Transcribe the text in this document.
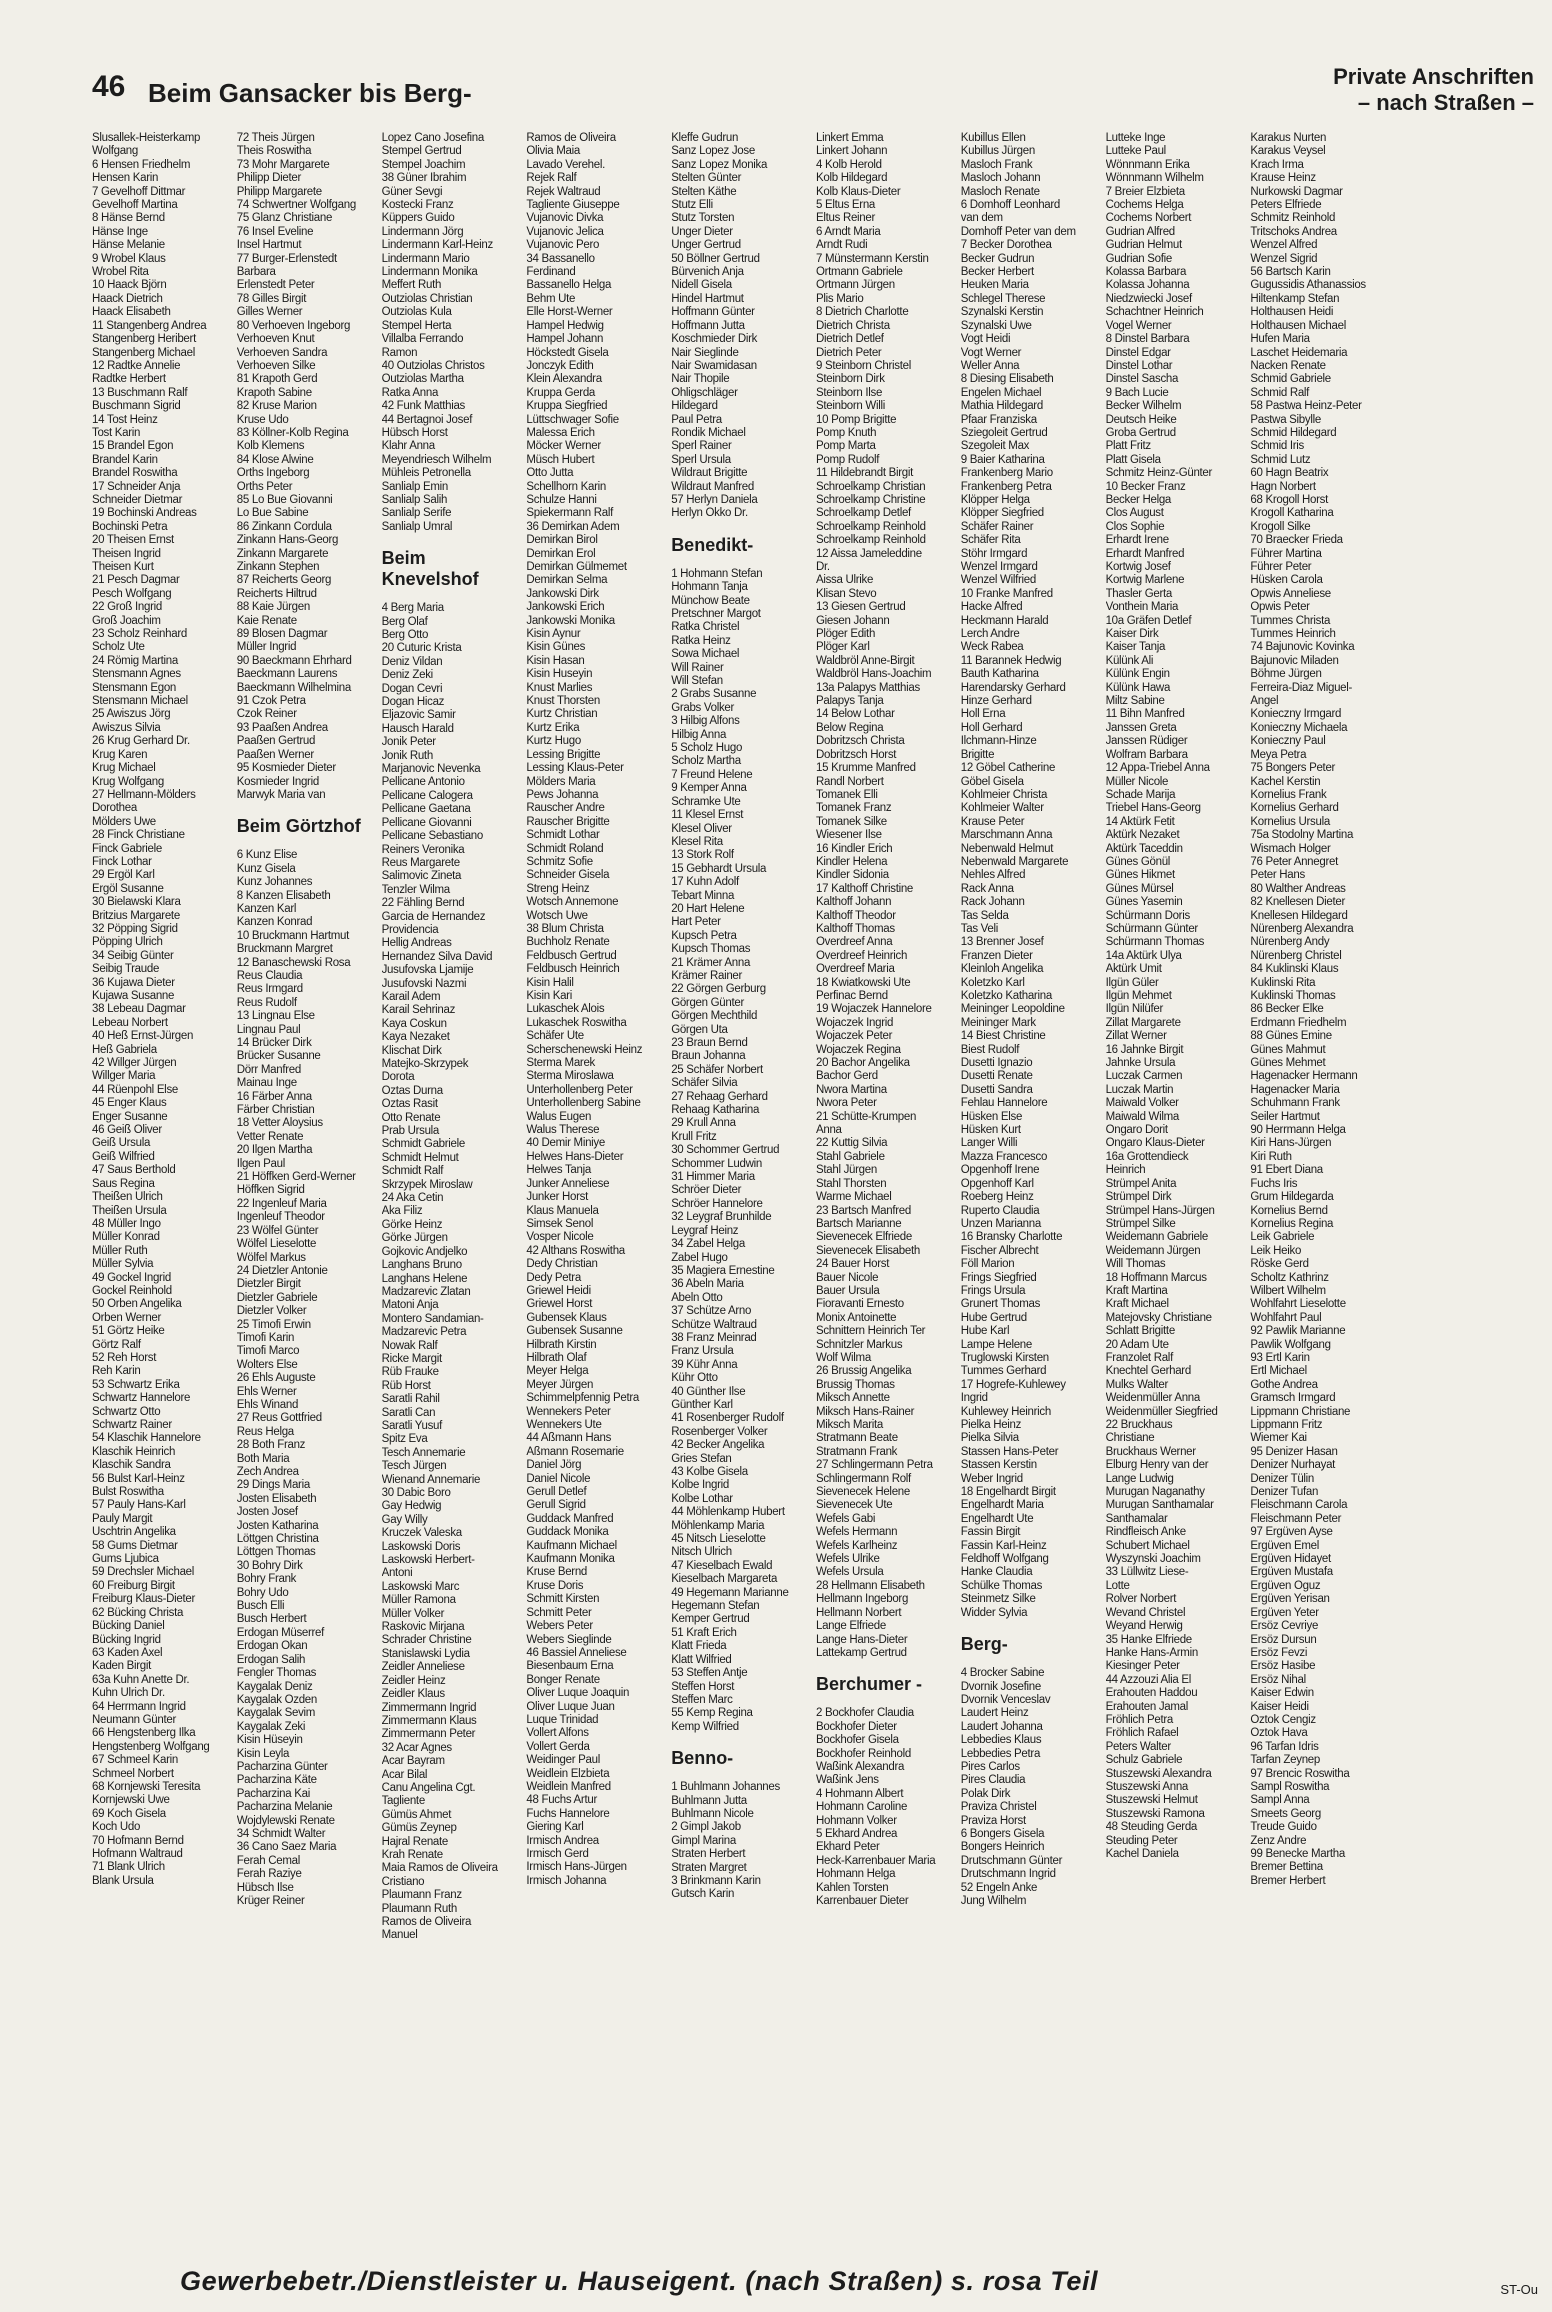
46 Beim Gansacker bis Berg-
Private Anschriften
– nach Straßen –
Slusallek-Heisterkamp
Wolfgang
6 Hensen Friedhelm
Hensen Karin
7 Gevelhoff Dittmar
Gevelhoff Martina
8 Hänse Bernd
Hänse Inge
Hänse Melanie
9 Wrobel Klaus
Wrobel Rita
10 Haack Björn
Haack Dietrich
Haack Elisabeth
11 Stangenberg Andrea
Stangenberg Heribert
Stangenberg Michael
12 Radtke Annelie
Radtke Herbert
13 Buschmann Ralf
Buschmann Sigrid
14 Tost Heinz
Tost Karin
15 Brandel Egon
Brandel Karin
Brandel Roswitha
17 Schneider Anja
Schneider Dietmar
19 Bochinski Andreas
Bochinski Petra
20 Theisen Ernst
Theisen Ingrid
Theisen Kurt
21 Pesch Dagmar
Pesch Wolfgang
22 Groß Ingrid
Groß Joachim
23 Scholz Reinhard
Scholz Ute
24 Römig Martina
Stensmann Agnes
Stensmann Egon
Stensmann Michael
25 Awiszus Jörg
Awiszus Silvia
26 Krug Gerhard Dr.
Krug Karen
Krug Michael
Krug Wolfgang
27 Hellmann-Mölders
Dorothea
Mölders Uwe
28 Finck Christiane
Finck Gabriele
Finck Lothar
29 Ergöl Karl
Ergöl Susanne
30 Bielawski Klara
Britzius Margarete
32 Pöpping Sigrid
Pöpping Ulrich
34 Seibig Günter
Seibig Traude
36 Kujawa Dieter
Kujawa Susanne
38 Lebeau Dagmar
Lebeau Norbert
40 Heß Ernst-Jürgen
Heß Gabriela
42 Willger Jürgen
Willger Maria
44 Rüenpohl Else
45 Enger Klaus
Enger Susanne
46 Geiß Oliver
Geiß Ursula
Geiß Wilfried
47 Saus Berthold
Saus Regina
Theißen Ulrich
Theißen Ursula
48 Müller Ingo
Müller Konrad
Müller Ruth
Müller Sylvia
49 Gockel Ingrid
Gockel Reinhold
50 Orben Angelika
Orben Werner
51 Görtz Heike
Görtz Ralf
52 Reh Horst
Reh Karin
53 Schwartz Erika
Schwartz Hannelore
Schwartz Otto
Schwartz Rainer
54 Klaschik Hannelore
Klaschik Heinrich
Klaschik Sandra
56 Bulst Karl-Heinz
Bulst Roswitha
57 Pauly Hans-Karl
Pauly Margit
Uschtrin Angelika
58 Gums Dietmar
Gums Ljubica
59 Drechsler Michael
60 Freiburg Birgit
Freiburg Klaus-Dieter
62 Bücking Christa
Bücking Daniel
Bücking Ingrid
63 Kaden Axel
Kaden Birgit
63a Kuhn Anette Dr.
Kuhn Ulrich Dr.
64 Herrmann Ingrid
Neumann Günter
66 Hengstenberg Ilka
Hengstenberg Wolfgang
67 Schmeel Karin
Schmeel Norbert
68 Kornjewski Teresita
Kornjewski Uwe
69 Koch Gisela
Koch Udo
70 Hofmann Bernd
Hofmann Waltraud
71 Blank Ulrich
Blank Ursula
72 Theis Jürgen
Theis Roswitha
73 Mohr Margarete
Philipp Dieter
Philipp Margarete
74 Schwertner Wolfgang
75 Glanz Christiane
76 Insel Eveline
Insel Hartmut
77 Burger-Erlenstedt
Barbara
Erlenstedt Peter
78 Gilles Birgit
Gilles Werner
80 Verhoeven Ingeborg
Verhoeven Knut
Verhoeven Sandra
Verhoeven Silke
81 Krapoth Gerd
Krapoth Sabine
82 Kruse Marion
Kruse Udo
83 Köllner-Kolb Regina
Kolb Klemens
84 Klose Alwine
Orths Ingeborg
Orths Peter
85 Lo Bue Giovanni
Lo Bue Sabine
86 Zinkann Cordula
Zinkann Hans-Georg
Zinkann Margarete
Zinkann Stephen
87 Reicherts Georg
Reicherts Hiltrud
88 Kaie Jürgen
Kaie Renate
89 Blosen Dagmar
Müller Ingrid
90 Baeckmann Ehrhard
Baeckmann Laurens
Baeckmann Wilhelmina
91 Czok Petra
Czok Reiner
93 Paaßen Andrea
Paaßen Gertrud
Paaßen Werner
95 Kosmieder Dieter
Kosmieder Ingrid
Marwyk Maria van

Beim Görtzhof

6 Kunz Elise
Kunz Gisela
Kunz Johannes
8 Kanzen Elisabeth
Kanzen Karl
Kanzen Konrad
10 Bruckmann Hartmut
Bruckmann Margret
12 Banaschewski Rosa
Reus Claudia
Reus Irmgard
Reus Rudolf
13 Lingnau Else
Lingnau Paul
14 Brücker Dirk
Brücker Susanne
Dörr Manfred
Mainau Inge
16 Färber Anna
Färber Christian
18 Vetter Aloysius
Vetter Renate
20 Ilgen Martha
Ilgen Paul
21 Höffken Gerd-Werner
Höffken Sigrid
22 Ingenleuf Maria
Ingenleuf Theodor
23 Wölfel Günter
Wölfel Lieselotte
Wölfel Markus
24 Dietzler Antonie
Dietzler Birgit
Dietzler Gabriele
Dietzler Volker
25 Timofi Erwin
Timofi Karin
Timofi Marco
Wolters Else
26 Ehls Auguste
Ehls Werner
Ehls Winand
27 Reus Gottfried
Reus Helga
28 Both Franz
Both Maria
Zech Andrea
29 Dings Maria
Josten Elisabeth
Josten Josef
Josten Katharina
Löttgen Christina
Löttgen Thomas
30 Bohry Dirk
Bohry Frank
Bohry Udo
Busch Elli
Busch Herbert
Erdogan Müserref
Erdogan Okan
Erdogan Salih
Fengler Thomas
Kaygalak Deniz
Kaygalak Özden
Kaygalak Sevim
Kaygalak Zeki
Kisin Hüseyin
Kisin Leyla
Pacharzina Günter
Pacharzina Käte
Pacharzina Kai
Pacharzina Melanie
Wojdylewski Renate
34 Schmidt Walter
36 Cano Saez Maria
Ferah Cemal
Ferah Raziye
Hübsch Ilse
Krüger Reiner
Lopez Cano Josefina
Stempel Gertrud
Stempel Joachim
38 Güner Ibrahim
Güner Sevgi
Kostecki Franz
Küppers Guido
Lindermann Jörg
Lindermann Karl-Heinz
Lindermann Mario
Lindermann Monika
Meffert Ruth
Outziolas Christian
Outziolas Kula
Stempel Herta
Villalba Ferrando
Ramon
40 Outziolas Christos
Outziolas Martha
Ratka Anna
42 Funk Matthias
44 Bertagnoi Josef
Hübsch Horst
Klahr Anna
Meyendriesch Wilhelm
Mühleis Petronella
Sanlialp Emin
Sanlialp Salih
Sanlialp Serife
Sanlialp Ümral

Beim Knevelshof

4 Berg Maria
Berg Olaf
Berg Otto
20 Cuturic Krista
Deniz Vildan
Deniz Zeki
Dogan Cevri
Dogan Hicaz
Eljazovic Samir
Hausch Harald
Jonik Peter
Jonik Ruth
Marjanovic Nevenka
Pellicane Antonio
Pellicane Calogera
Pellicane Gaetana
Pellicane Giovanni
Pellicane Sebastiano
Reiners Veronika
Reus Margarete
Salimovic Zineta
Tenzler Wilma
22 Fähling Bernd
Garcia de Hernandez
Providencia
Hellig Andreas
Hernandez Silva David
Jusufovska Ljamije
Jusufovski Nazmi
Karail Adem
Karail Sehrinaz
Kaya Coskun
Kaya Nezaket
Klischat Dirk
Matejko-Skrzypek
Dorota
Öztas Durna
Öztas Rasit
Otto Renate
Prab Ursula
Schmidt Gabriele
Schmidt Helmut
Schmidt Ralf
Skrzypek Miroslaw
24 Aka Cetin
Aka Filiz
Görke Heinz
Görke Jürgen
Gojkovic Andjelko
Langhans Bruno
Langhans Helene
Madzarevic Zlatan
Matoni Anja
Montero Sandamian-
Madzarevic Petra
Nowak Ralf
Ricke Margit
Rüb Frauke
Rüb Horst
Saratli Rahil
Saratli Can
Saratli Yusuf
Spitz Eva
Tesch Annemarie
Tesch Jürgen
Wienand Annemarie
30 Dabic Boro
Gay Hedwig
Gay Willy
Kruczek Valeska
Laskowski Doris
Laskowski Herbert-
Antoni
Laskowski Marc
Müller Ramona
Müller Volker
Raskovic Mirjana
Schrader Christine
Stanislawski Lydia
Zeidler Anneliese
Zeidler Heinz
Zeidler Klaus
Zimmermann Ingrid
Zimmermann Klaus
Zimmermann Peter
32 Acar Agnes
Acar Bayram
Acar Bilal
Canu Angelina Cgt.
Tagliente
Gümüs Ahmet
Gümüs Zeynep
Hajral Renate
Krah Renate
Maia Ramos de Oliveira
Cristiano
Plaumann Franz
Plaumann Ruth
Ramos de Oliveira
Manuel
Ramos de Oliveira
Olivia Maia
Lavado Verehel.
Rejek Ralf
Rejek Waltraud
Tagliente Giuseppe
Vujanovic Divka
Vujanovic Jelica
Vujanovic Pero
34 Bassanello
Ferdinand
Bassanello Helga
Behm Ute
Elle Horst-Werner
Hampel Hedwig
Hampel Johann
Höckstedt Gisela
Jonczyk Edith
Klein Alexandra
Kruppa Gerda
Kruppa Siegfried
Lüttschwager Sofie
Malessa Erich
Möcker Werner
Müsch Hubert
Otto Jutta
Schellhorn Karin
Schulze Hanni
Spiekermann Ralf
36 Demirkan Adem
Demirkan Birol
Demirkan Erol
Demirkan Gülmemet
Demirkan Selma
Jankowski Dirk
Jankowski Erich
Jankowski Monika
Kisin Aynur
Kisin Günes
Kisin Hasan
Kisin Huseyin
Knust Marlies
Knust Thorsten
Kurtz Christian
Kurtz Erika
Kurtz Hugo
Lessing Brigitte
Lessing Klaus-Peter
Mölders Maria
Pews Johanna
Rauscher Andre
Rauscher Brigitte
Schmidt Lothar
Schmidt Roland
Schmitz Sofie
Schneider Gisela
Streng Heinz
Wotsch Annemone
Wotsch Uwe
38 Blum Christa
Buchholz Renate
Feldbusch Gertrud
Feldbusch Heinrich
Kisin Halil
Kisin Kari
Lukaschek Alois
Lukaschek Roswitha
Schäfer Ute
Scherschenewski Heinz
Sterma Marek
Sterma Miroslawa
Unterhollenberg Peter
Unterhollenberg Sabine
Walus Eugen
Walus Therese
40 Demir Miniye
Helwes Hans-Dieter
Helwes Tanja
Junker Anneliese
Junker Horst
Klaus Manuela
Simsek Senol
Vosper Nicole
42 Althans Roswitha
Dedy Christian
Dedy Petra
Griewel Heidi
Griewel Horst
Gubensek Klaus
Gubensek Susanne
Hilbrath Kirstin
Hilbrath Olaf
Meyer Helga
Meyer Jürgen
Schimmelpfennig Petra
Wennekers Peter
Wennekers Ute
44 Aßmann Hans
Aßmann Rosemarie
Daniel Jörg
Daniel Nicole
Gerull Detlef
Gerull Sigrid
Guddack Manfred
Guddack Monika
Kaufmann Michael
Kaufmann Monika
Kruse Bernd
Kruse Doris
Schmitt Kirsten
Schmitt Peter
Webers Peter
Webers Sieglinde
46 Bassiel Anneliese
Biesenbaum Erna
Bonger Renate
Oliver Luque Joaquin
Oliver Luque Juan
Luque Trinidad
Vollert Alfons
Vollert Gerda
Weidinger Paul
Weidlein Elzbieta
Weidlein Manfred
48 Fuchs Artur
Fuchs Hannelore
Giering Karl
Irmisch Andrea
Irmisch Gerd
Irmisch Hans-Jürgen
Irmisch Johanna
Kleffe Gudrun
Sanz Lopez Jose
Sanz Lopez Monika
Stelten Günter
Stelten Käthe
Stutz Elli
Stutz Torsten
Unger Dieter
Unger Gertrud
50 Böllner Gertrud
Bürvenich Anja
Nidell Gisela
Hindel Hartmut
Hoffmann Günter
Hoffmann Jutta
Koschmieder Dirk
Nair Sieglinde
Nair Swamidasan
Nair Thopile
Ohligschläger
Hildegard
Paul Petra
Rondik Michael
Sperl Rainer
Sperl Ursula
Wildraut Brigitte
Wildraut Manfred
57 Herlyn Daniela
Herlyn Okko Dr.

Benedikt-

1 Hohmann Stefan
Hohmann Tanja
Münchow Beate
Pretschner Margot
Ratka Christel
Ratka Heinz
Sowa Michael
Will Rainer
Will Stefan
2 Grabs Susanne
Grabs Volker
3 Hilbig Alfons
Hilbig Anna
5 Scholz Hugo
Scholz Martha
7 Freund Helene
9 Kemper Anna
Schramke Ute
11 Klesel Ernst
Klesel Oliver
Klesel Rita
13 Stork Rolf
15 Gebhardt Ursula
17 Kuhn Adolf
Tebart Minna
20 Hart Helene
Hart Peter
Kupsch Petra
Kupsch Thomas
21 Krämer Anna
Krämer Rainer
22 Görgen Gerburg
Görgen Günter
Görgen Mechthild
Görgen Uta
23 Braun Bernd
Braun Johanna
25 Schäfer Norbert
Schäfer Silvia
27 Rehaag Gerhard
Rehaag Katharina
29 Krull Anna
Krull Fritz
30 Schommer Gertrud
Schommer Ludwin
31 Himmer Maria
Schröer Dieter
Schröer Hannelore
32 Leygraf Brunhilde
Leygraf Heinz
34 Zabel Helga
Zabel Hugo
35 Magiera Ernestine
36 Abeln Maria
Abeln Otto
37 Schütze Arno
Schütze Waltraud
38 Franz Meinrad
Franz Ursula
39 Kühr Anna
Kühr Otto
40 Günther Ilse
Günther Karl
41 Rosenberger Rudolf
Rosenberger Volker
42 Becker Angelika
Gries Stefan
43 Kolbe Gisela
Kolbe Ingrid
Kolbe Lothar
44 Möhlenkamp Hubert
Möhlenkamp Maria
45 Nitsch Lieselotte
Nitsch Ulrich
47 Kieselbach Ewald
Kieselbach Margareta
49 Hegemann Marianne
Hegemann Stefan
Kemper Gertrud
51 Kraft Erich
Klatt Frieda
Klatt Wilfried
53 Steffen Antje
Steffen Horst
Steffen Marc
55 Kemp Regina
Kemp Wilfried

Benno-

1 Buhlmann Johannes
Buhlmann Jutta
Buhlmann Nicole
2 Gimpl Jakob
Gimpl Marina
Straten Herbert
Straten Margret
3 Brinkmann Karin
Gutsch Karin
Linkert Emma
Linkert Johann
4 Kolb Herold
Kolb Hildegard
Kolb Klaus-Dieter
5 Eltus Erna
Eltus Reiner
6 Arndt Maria
Arndt Rudi
7 Münstermann Kerstin
Ortmann Gabriele
Ortmann Jürgen
Plis Mario
8 Dietrich Charlotte
Dietrich Christa
Dietrich Detlef
Dietrich Peter
9 Steinborn Christel
Steinborn Dirk
Steinborn Ilse
Steinborn Willi
10 Pomp Brigitte
Pomp Knuth
Pomp Marta
Pomp Rudolf
11 Hildebrandt Birgit
Schroelkamp Christian
Schroelkamp Christine
Schroelkamp Detlef
Schroelkamp Reinhold
Schroelkamp Reinhold
12 Aissa Jameleddine
Dr.
Aissa Ulrike
Klisan Stevo
13 Giesen Gertrud
Giesen Johann
Plöger Edith
Plöger Karl
Waldbröl Anne-Birgit
Waldbröl Hans-Joachim
13a Palapys Matthias
Palapys Tanja
14 Below Lothar
Below Regina
Dobritzsch Christa
Dobritzsch Horst
15 Krumme Manfred
Randl Norbert
Tomanek Elli
Tomanek Franz
Tomanek Silke
Wiesener Ilse
16 Kindler Erich
Kindler Helena
Kindler Sidonia
17 Kalthoff Christine
Kalthoff Johann
Kalthoff Theodor
Kalthoff Thomas
Overdreef Anna
Overdreef Heinrich
Overdreef Maria
18 Kwiatkowski Ute
Perfinac Bernd
19 Wojaczek Hannelore
Wojaczek Ingrid
Wojaczek Peter
Wojaczek Regina
20 Bachor Angelika
Bachor Gerd
Nwora Martina
Nwora Peter
21 Schütte-Krumpen
Anna
22 Kuttig Silvia
Stahl Gabriele
Stahl Jürgen
Stahl Thorsten
Warme Michael
23 Bartsch Manfred
Bartsch Marianne
Sievenecek Elfriede
Sievenecek Elisabeth
24 Bauer Horst
Bauer Nicole
Bauer Ursula
Fioravanti Ernesto
Monix Antoinette
Schnittern Heinrich Ter
Schnitzler Markus
Wolf Wilma
26 Brussig Angelika
Brussig Thomas
Miksch Annette
Miksch Hans-Rainer
Miksch Marita
Stratmann Beate
Stratmann Frank
27 Schlingermann Petra
Schlingermann Rolf
Sievenecek Helene
Sievenecek Ute
Wefels Gabi
Wefels Hermann
Wefels Karlheinz
Wefels Ulrike
Wefels Ursula
28 Hellmann Elisabeth
Hellmann Ingeborg
Hellmann Norbert
Lange Elfriede
Lange Hans-Dieter
Lattekamp Gertrud

Berchumer -

2 Bockhofer Claudia
Bockhofer Dieter
Bockhofer Gisela
Bockhofer Reinhold
Waßink Alexandra
Waßink Jens
4 Hohmann Albert
Hohmann Caroline
Hohmann Volker
5 Ekhard Andrea
Ekhard Peter
Heck-Karrenbauer Maria
Hohmann Helga
Kahlen Torsten
Karrenbauer Dieter
Kubillus Ellen
Kubillus Jürgen
Masloch Frank
Masloch Johann
Masloch Renate
6 Domhoff Leonhard
van dem
Domhoff Peter van dem
7 Becker Dorothea
Becker Gudrun
Becker Herbert
Heuken Maria
Schlegel Therese
Szynalski Kerstin
Szynalski Uwe
Vogt Heidi
Vogt Werner
Weller Anna
8 Diesing Elisabeth
Engelen Michael
Mathia Hildegard
Pfaar Franziska
Sziegoleit Gertrud
Szegoleit Max
9 Baier Katharina
Frankenberg Mario
Frankenberg Petra
Klöpper Helga
Klöpper Siegfried
Schäfer Rainer
Schäfer Rita
Stöhr Irmgard
Wenzel Irmgard
Wenzel Wilfried
10 Franke Manfred
Hacke Alfred
Heckmann Harald
Lerch Andre
Weck Rabea
11 Barannek Hedwig
Bauth Katharina
Harendarsky Gerhard
Hinze Gerhard
Holl Erna
Holl Gerhard
Ilchmann-Hinze
Brigitte
12 Göbel Catherine
Göbel Gisela
Kohlmeier Christa
Kohlmeier Walter
Krause Peter
Marschmann Anna
Nebenwald Helmut
Nebenwald Margarete
Nehles Alfred
Rack Anna
Rack Johann
Tas Selda
Tas Veli
13 Brenner Josef
Franzen Dieter
Kleinloh Angelika
Koletzko Karl
Koletzko Katharina
Meininger Leopoldine
Meininger Mark
14 Biest Christine
Biest Rudolf
Dusetti Ignazio
Dusetti Renate
Dusetti Sandra
Fehlau Hannelore
Hüsken Else
Hüsken Kurt
Langer Willi
Mazza Francesco
Opgenhoff Irene
Opgenhoff Karl
Roeberg Heinz
Ruperto Claudia
Unzen Marianna
16 Bransky Charlotte
Fischer Albrecht
Föll Marion
Frings Siegfried
Frings Ursula
Grunert Thomas
Hube Gertrud
Hube Karl
Lampe Helene
Truglowski Kirsten
Tummes Gerhard
17 Hogrefe-Kuhlewey
Ingrid
Kuhlewey Heinrich
Pielka Heinz
Pielka Silvia
Stassen Hans-Peter
Stassen Kerstin
Weber Ingrid
18 Engelhardt Birgit
Engelhardt Maria
Engelhardt Ute
Fassin Birgit
Fassin Karl-Heinz
Feldhoff Wolfgang
Hanke Claudia
Schülke Thomas
Steinmetz Silke
Widder Sylvia

Berg-

4 Brocker Sabine
Dvornik Josefine
Dvornik Venceslav
Laudert Heinz
Laudert Johanna
Lebbedies Klaus
Lebbedies Petra
Pires Carlos
Pires Claudia
Polak Dirk
Praviza Christel
Praviza Horst
6 Bongers Gisela
Bongers Heinrich
Drutschmann Günter
Drutschmann Ingrid
52 Engeln Anke
Jung Wilhelm
Lutteke Inge
Lutteke Paul
Wönnmann Erika
Wönnmann Wilhelm
7 Breier Elzbieta
Cochems Helga
Cochems Norbert
Gudrian Alfred
Gudrian Helmut
Gudrian Sofie
Kolassa Barbara
Kolassa Johanna
Niedzwiecki Josef
Schachtner Heinrich
Vogel Werner
8 Dinstel Barbara
Dinstel Edgar
Dinstel Lothar
Dinstel Sascha
9 Bach Lucie
Becker Wilhelm
Deutsch Heike
Groba Gertrud
Platt Fritz
Platt Gisela
Schmitz Heinz-Günter
10 Becker Franz
Becker Helga
Clos August
Clos Sophie
Erhardt Irene
Erhardt Manfred
Kortwig Josef
Kortwig Marlene
Thasler Gerta
Vonthein Maria
10a Gräfen Detlef
Kaiser Dirk
Kaiser Tanja
Külünk Ali
Külünk Engin
Külünk Hawa
Miltz Sabine
11 Bihn Manfred
Janssen Greta
Janssen Rüdiger
Wolfram Barbara
12 Appa-Triebel Anna
Müller Nicole
Schade Marija
Triebel Hans-Georg
14 Aktürk Fetit
Aktürk Nezaket
Aktürk Taceddin
Günes Gönül
Günes Hikmet
Günes Mürsel
Günes Yasemin
Schürmann Doris
Schürmann Günter
Schürmann Thomas
14a Aktürk Ulya
Aktürk Ümit
Ilgün Güler
Ilgün Mehmet
Ilgün Nilüfer
Zillat Margarete
Zillat Werner
16 Jahnke Birgit
Jahnke Ursula
Luczak Carmen
Luczak Martin
Maiwald Volker
Maiwald Wilma
Ongaro Dorit
Ongaro Klaus-Dieter
16a Grottendieck
Heinrich
Strümpel Anita
Strümpel Dirk
Strümpel Hans-Jürgen
Strümpel Silke
Weidemann Gabriele
Weidemann Jürgen
Will Thomas
18 Hoffmann Marcus
Kraft Martina
Kraft Michael
Matejovsky Christiane
Schlatt Brigitte
20 Adam Ute
Franzolet Ralf
Knechtel Gerhard
Mulks Walter
Weidenmüller Anna
Weidenmüller Siegfried
22 Bruckhaus
Christiane
Bruckhaus Werner
Elburg Henry van der
Lange Ludwig
Murugan Naganathy
Murugan Santhamalar
Santhamalar
Rindfleisch Anke
Schubert Michael
Wyszynski Joachim
33 Lüllwitz Liese-
Lotte
Rolver Norbert
Wevand Christel
Weyand Herwig
35 Hanke Elfriede
Hanke Hans-Armin
Kiesinger Peter
44 Azzouzi Alia El
Erahouten Haddou
Erahouten Jamal
Fröhlich Petra
Fröhlich Rafael
Peters Walter
Schulz Gabriele
Stuszewski Alexandra
Stuszewski Anna
Stuszewski Helmut
Stuszewski Ramona
48 Steuding Gerda
Steuding Peter
Kachel Daniela
Karakus Nurten
Karakus Veysel
Krach Irma
Krause Heinz
Nurkowski Dagmar
Peters Elfriede
Schmitz Reinhold
Tritschoks Andrea
Wenzel Alfred
Wenzel Sigrid
56 Bartsch Karin
Gugussidis Athanassios
Hiltenkamp Stefan
Holthausen Heidi
Holthausen Michael
Hufen Maria
Laschet Heidemaria
Nacken Renate
Schmid Gabriele
Schmid Ralf
58 Pastwa Heinz-Peter
Pastwa Sibylle
Schmid Hildegard
Schmid Iris
Schmid Lutz
60 Hagn Beatrix
Hagn Norbert
68 Krogoll Horst
Krogoll Katharina
Krogoll Silke
70 Braecker Frieda
Führer Martina
Führer Peter
Hüsken Carola
Opwis Anneliese
Opwis Peter
Tummes Christa
Tummes Heinrich
74 Bajunovic Kovinka
Bajunovic Miladen
Böhme Jürgen
Ferreira-Diaz Miguel-
Angel
Konieczny Irmgard
Konieczny Michaela
Konieczny Paul
Meya Petra
75 Bongers Peter
Kachel Kerstin
Kornelius Frank
Kornelius Gerhard
Kornelius Ursula
75a Stodolny Martina
Wismach Holger
76 Peter Annegret
Peter Hans
80 Walther Andreas
82 Knellesen Dieter
Knellesen Hildegard
Nürenberg Alexandra
Nürenberg Andy
Nürenberg Christel
84 Kuklinski Klaus
Kuklinski Rita
Kuklinski Thomas
86 Becker Elke
Erdmann Friedhelm
88 Günes Emine
Günes Mahmut
Günes Mehmet
Hagenacker Hermann
Hagenacker Maria
Schuhmann Frank
Seiler Hartmut
90 Herrmann Helga
Kiri Hans-Jürgen
Kiri Ruth
91 Ebert Diana
Fuchs Iris
Grum Hildegarda
Kornelius Bernd
Kornelius Regina
Leik Gabriele
Leik Heiko
Röske Gerd
Scholtz Kathrinz
Wilbert Wilhelm
Wohlfahrt Lieselotte
Wohlfahrt Paul
92 Pawlik Marianne
Pawlik Wolfgang
93 Ertl Karin
Ertl Michael
Gothe Andrea
Gramsch Irmgard
Lippmann Christiane
Lippmann Fritz
Wiemer Kai
95 Denizer Hasan
Denizer Nurhayat
Denizer Tülin
Denizer Tufan
Fleischmann Carola
Fleischmann Peter
97 Ergüven Ayse
Ergüven Emel
Ergüven Hidayet
Ergüven Mustafa
Ergüven Oguz
Ergüven Yerisan
Ergüven Yeter
Ersöz Cevriye
Ersöz Dursun
Ersöz Fevzi
Ersöz Hasibe
Ersöz Nihal
Kaiser Edwin
Kaiser Heidi
Öztok Cengiz
Öztok Hava
96 Tarfan Idris
Tarfan Zeynep
97 Brencic Roswitha
Sampl Roswitha
Sampl Anna
Smeets Georg
Treude Guido
Zenz Andre
99 Benecke Martha
Bremer Bettina
Bremer Herbert
Gewerbebetr./Dienstleister u. Hauseigent. (nach Straßen) s. rosa Teil	ST-Ou
